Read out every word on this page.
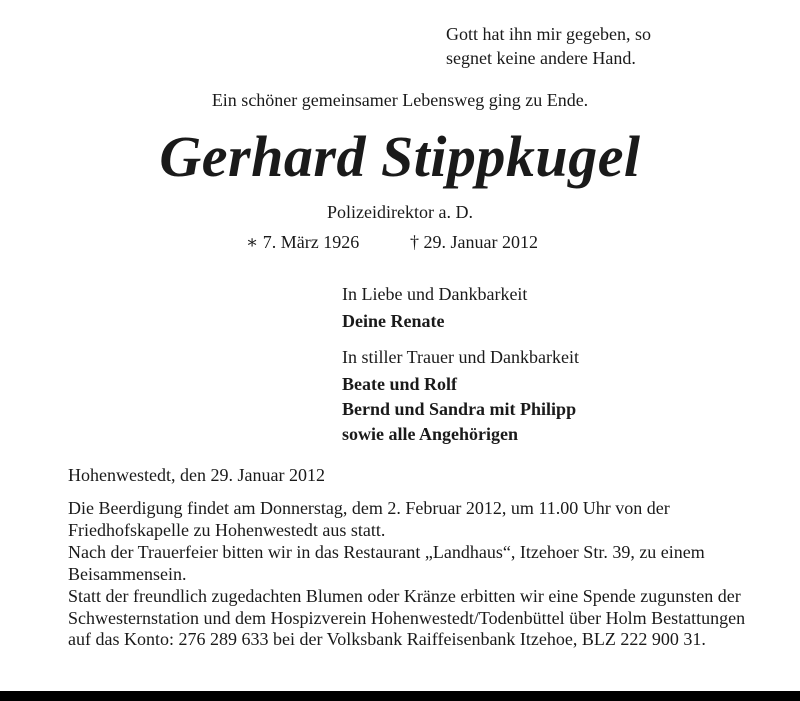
Gott hat ihn mir gegeben, so
segnet keine andere Hand.
Ein schöner gemeinsamer Lebensweg ging zu Ende.
Gerhard Stippkugel
Polizeidirektor a. D.
∗ 7. März 1926	† 29. Januar 2012
In Liebe und Dankbarkeit
Deine Renate
In stiller Trauer und Dankbarkeit
Beate und Rolf
Bernd und Sandra mit Philipp
sowie alle Angehörigen
Hohenwestedt, den 29. Januar 2012
Die Beerdigung findet am Donnerstag, dem 2. Februar 2012, um 11.00 Uhr von der Friedhofskapelle zu Hohenwestedt aus statt.
Nach der Trauerfeier bitten wir in das Restaurant „Landhaus“, Itzehoer Str. 39, zu einem Beisammensein.
Statt der freundlich zugedachten Blumen oder Kränze erbitten wir eine Spende zugunsten der Schwesternstation und dem Hospizverein Hohenwestedt/Todenbüttel über Holm Bestattungen auf das Konto: 276 289 633 bei der Volksbank Raiffeisenbank Itzehoe, BLZ 222 900 31.
